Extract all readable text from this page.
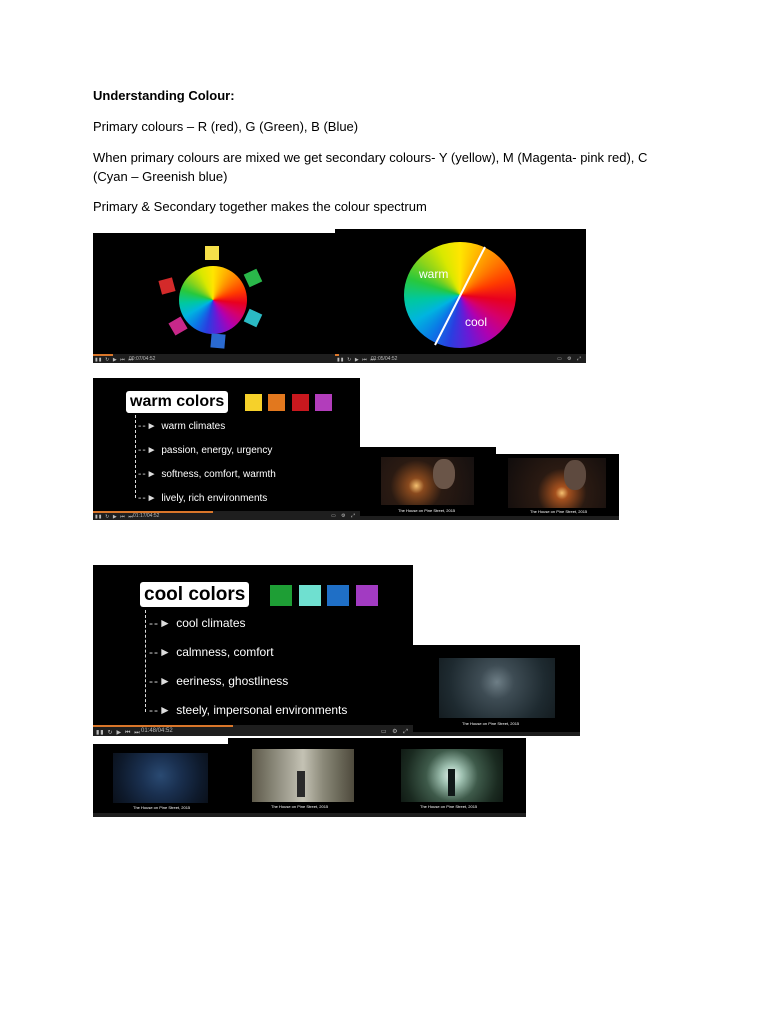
Understanding Colour:
Primary colours – R (red), G (Green), B (Blue)
When primary colours are mixed we get secondary colours- Y (yellow), M (Magenta- pink red), C (Cyan – Greenish blue)
Primary & Secondary together makes the colour spectrum
▮▮ ↻ ▶ ⏮ ⏭
00:07/04:52
warm
cool
▮▮ ↻ ▶ ⏮ ⏭
01:05/04:52	▭ ⚙ ⤢
warm colors
--► warm climates
--► passion, energy, urgency
--► softness, comfort, warmth
--► lively, rich environments
▮▮ ↻ ▶ ⏮ ⏭ 01:17/04:52	▭ ⚙ ⤢
The House on Pine Street, 2015	The House on Pine Street, 2015
cool colors
--► cool climates
--► calmness, comfort
--► eeriness, ghostliness
--► steely, impersonal environments
▮▮ ↻ ▶ ⏮ ⏭ 01:48/04:52	▭ ⚙ ⤢
The House on Pine Street, 2015
The House on Pine Street, 2015	The House on Pine Street, 2015	The House on Pine Street, 2015
